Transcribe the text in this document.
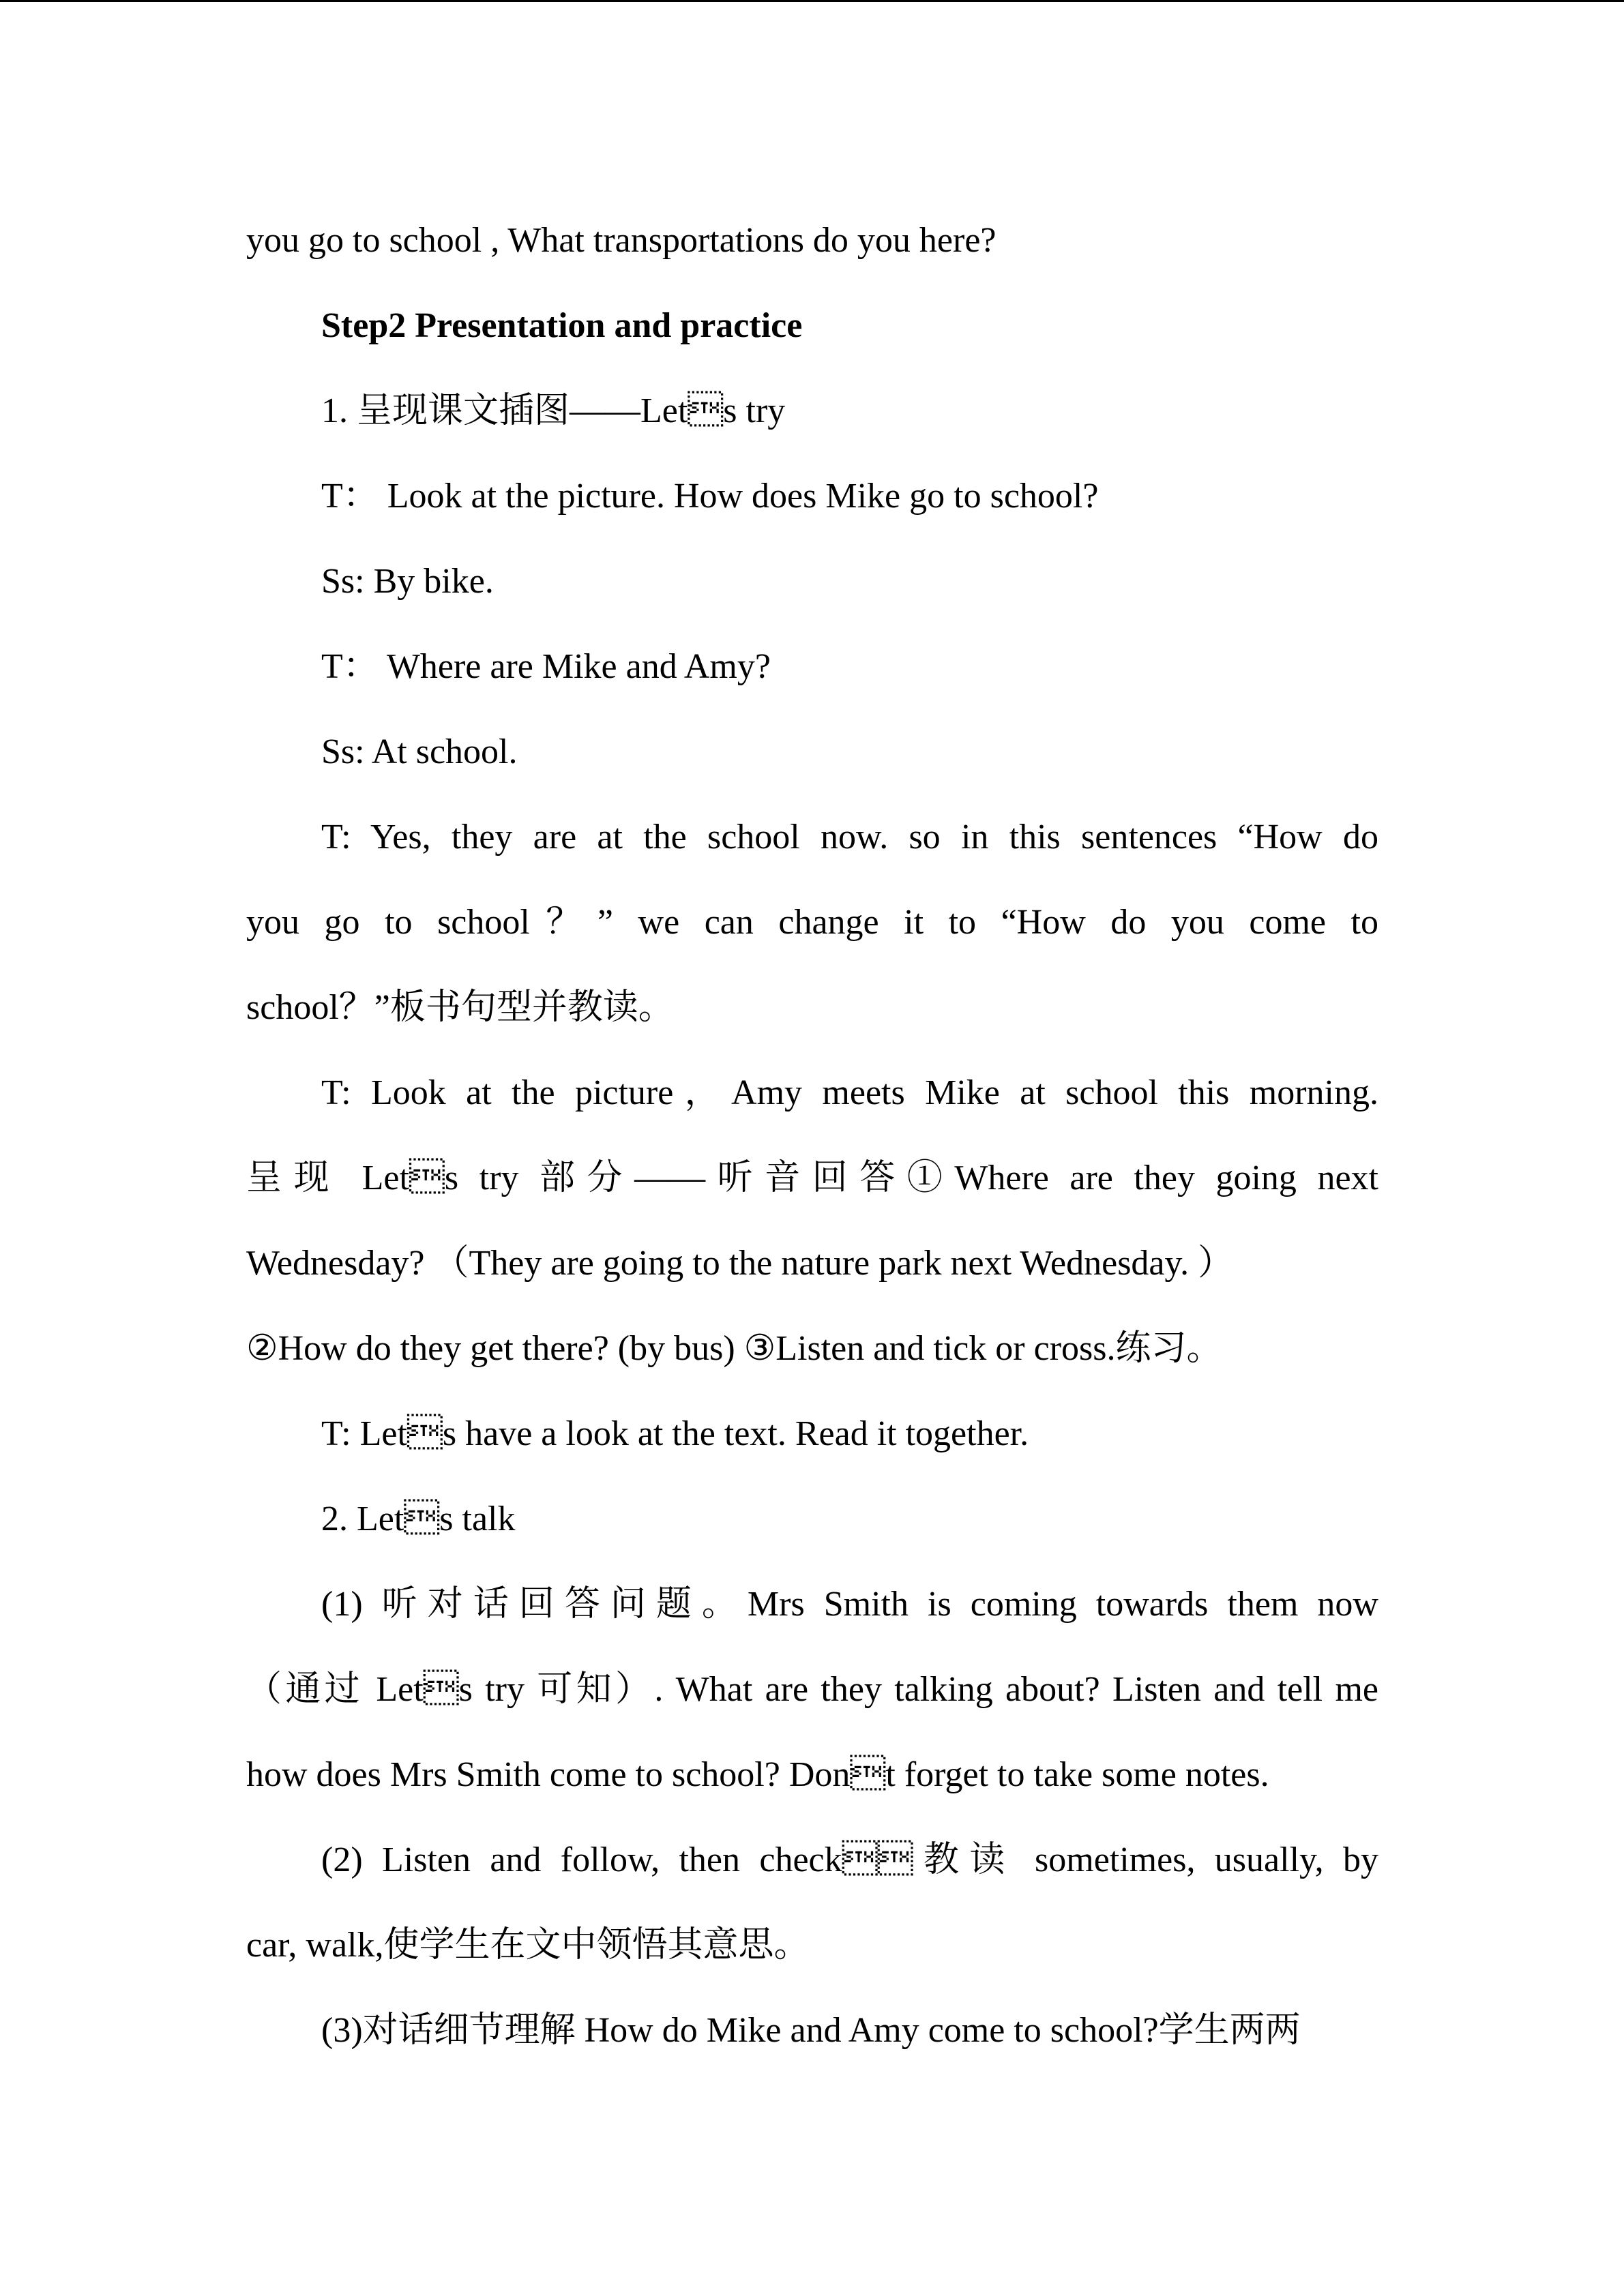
you go to school , What transportations do you here?
Step2 Presentation and practice
1. 呈现课文插图——Lets try
T： Look at the picture. How does Mike go to school?
Ss: By bike.
T： Where are Mike and Amy?
Ss: At school.
T: Yes, they are at the school now. so in this sentences “How do
you go to school？” we can change it to “How do you come to
school？”板书句型并教读。
T: Look at the picture，Amy meets Mike at school this morning.
呈现 Lets try 部分——听音回答①Where are they going next
Wednesday? （They are going to the nature park next Wednesday. ）
②How do they get there? (by bus) ③Listen and tick or cross.练习。
T: Lets have a look at the text. Read it together.
2. Lets talk
(1) 听对话回答问题。Mrs Smith is coming towards them now
（通过 Lets try 可知）. What are they talking about? Listen and tell me
how does Mrs Smith come to school? Dont forget to take some notes.
(2) Listen and follow, then check教读 sometimes, usually, by
car, walk,使学生在文中领悟其意思。
(3)对话细节理解 How do Mike and Amy come to school?学生两两
